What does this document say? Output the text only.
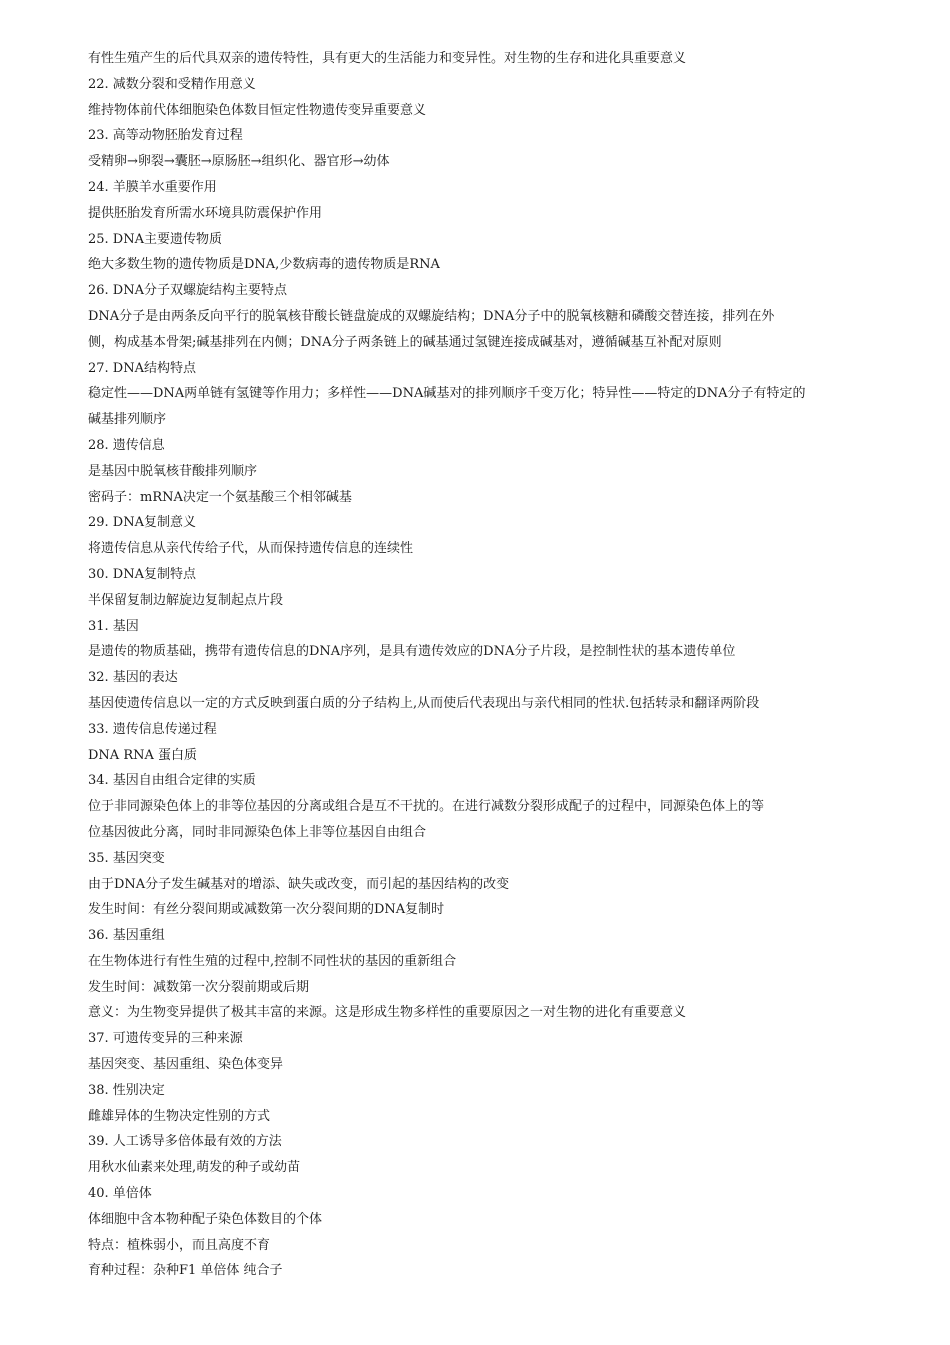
有性生殖产生的后代具双亲的遗传特性，具有更大的生活能力和变异性。对生物的生存和进化具重要意义
22. 减数分裂和受精作用意义
维持物体前代体细胞染色体数目恒定性物遗传变异重要意义
23. 高等动物胚胎发育过程
受精卵→卵裂→囊胚→原肠胚→组织化、器官形→幼体
24. 羊膜羊水重要作用
提供胚胎发育所需水环境具防震保护作用
25. DNA主要遗传物质
绝大多数生物的遗传物质是DNA,少数病毒的遗传物质是RNA
26. DNA分子双螺旋结构主要特点
DNA分子是由两条反向平行的脱氧核苷酸长链盘旋成的双螺旋结构；DNA分子中的脱氧核糖和磷酸交替连接，排列在外
侧，构成基本骨架;碱基排列在内侧；DNA分子两条链上的碱基通过氢键连接成碱基对，遵循碱基互补配对原则
27. DNA结构特点
稳定性——DNA两单链有氢键等作用力；多样性——DNA碱基对的排列顺序千变万化；特异性——特定的DNA分子有特定的
碱基排列顺序
28. 遗传信息
是基因中脱氧核苷酸排列顺序
密码子：mRNA决定一个氨基酸三个相邻碱基
29. DNA复制意义
将遗传信息从亲代传给子代，从而保持遗传信息的连续性
30. DNA复制特点
半保留复制边解旋边复制起点片段
31. 基因
是遗传的物质基础，携带有遗传信息的DNA序列，是具有遗传效应的DNA分子片段，是控制性状的基本遗传单位
32. 基因的表达
基因使遗传信息以一定的方式反映到蛋白质的分子结构上,从而使后代表现出与亲代相同的性状.包括转录和翻译两阶段
33. 遗传信息传递过程
DNA RNA 蛋白质
34. 基因自由组合定律的实质
位于非同源染色体上的非等位基因的分离或组合是互不干扰的。在进行减数分裂形成配子的过程中，同源染色体上的等
位基因彼此分离，同时非同源染色体上非等位基因自由组合
35. 基因突变
由于DNA分子发生碱基对的增添、缺失或改变，而引起的基因结构的改变
发生时间：有丝分裂间期或减数第一次分裂间期的DNA复制时
36. 基因重组
在生物体进行有性生殖的过程中,控制不同性状的基因的重新组合
发生时间：减数第一次分裂前期或后期
意义：为生物变异提供了极其丰富的来源。这是形成生物多样性的重要原因之一对生物的进化有重要意义
37. 可遗传变异的三种来源
基因突变、基因重组、染色体变异
38. 性别决定
雌雄异体的生物决定性别的方式
39. 人工诱导多倍体最有效的方法
用秋水仙素来处理,萌发的种子或幼苗
40. 单倍体
体细胞中含本物种配子染色体数目的个体
特点：植株弱小，而且高度不育
育种过程：杂种F1 单倍体 纯合子
